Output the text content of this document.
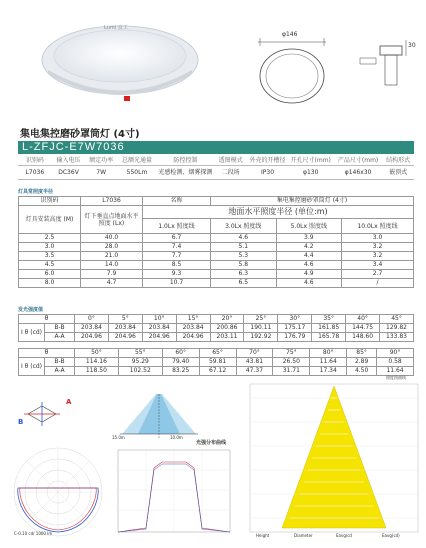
Lumi 良工
φ146
30
集电集控磨砂罩筒灯 (4寸)
L-ZFJC-E7W7036
识别码	输入电压	额定功率	总额光通量	防控控制	透图模式	外壳的开槽径	开孔尺寸(mm)	产品尺寸(mm)	结构形式
L7036	DC36V	7W	550Lm	光感检测、烟雾探测	二段场	IP30	φ130	φ146x30	嵌顶式
灯具常照度半径
识别码	L7036	名称	集电集控磨砂罩筒灯 (4寸)		
灯具安装高度 (M)	灯下垂直点地面水平照度 (Lx)	地面水平照度半径 (单位:m)			
		1.0Lx 照度线	3.0Lx 照度线	5.0Lx 照度线	10.0Lx 照度线
2.5	40.0	6.7	4.6	3.9	3.0
3.0	28.0	7.4	5.1	4.2	3.2
3.5	21.0	7.7	5.3	4.4	3.2
4.5	14.0	8.5	5.8	4.6	3.4
6.0	7.9	9.3	6.3	4.9	2.7
8.0	4.7	10.7	6.5	4.6	/
发光强度值
θ		0°	5°	10°	15°	20°	25°	30°	35°	40°	45°
I θ (cd)	B-B	203.84	203.84	203.84	203.84	200.86	190.11	175.17	161.85	144.75	129.82
	A-A	204.96	204.96	204.96	204.96	203.11	192.92	176.79	165.78	148.60	133.83
θ		50°	55°	60°	65°	70°	75°	80°	85°	90°
I θ (cd)	B-B	114.16	95.29	79.40	59.81	43.81	26.50	11.64	2.89	0.58
	A-A	118.50	102.52	83.25	67.12	47.37	31.71	17.34	4.50	11.64
A
B
C-0.10 cd/ 1000 lm
15.0m	10.0m
光强分布曲线
照度图曲线
Height	Diameter	Eavg/cd	Eavg(cd)
